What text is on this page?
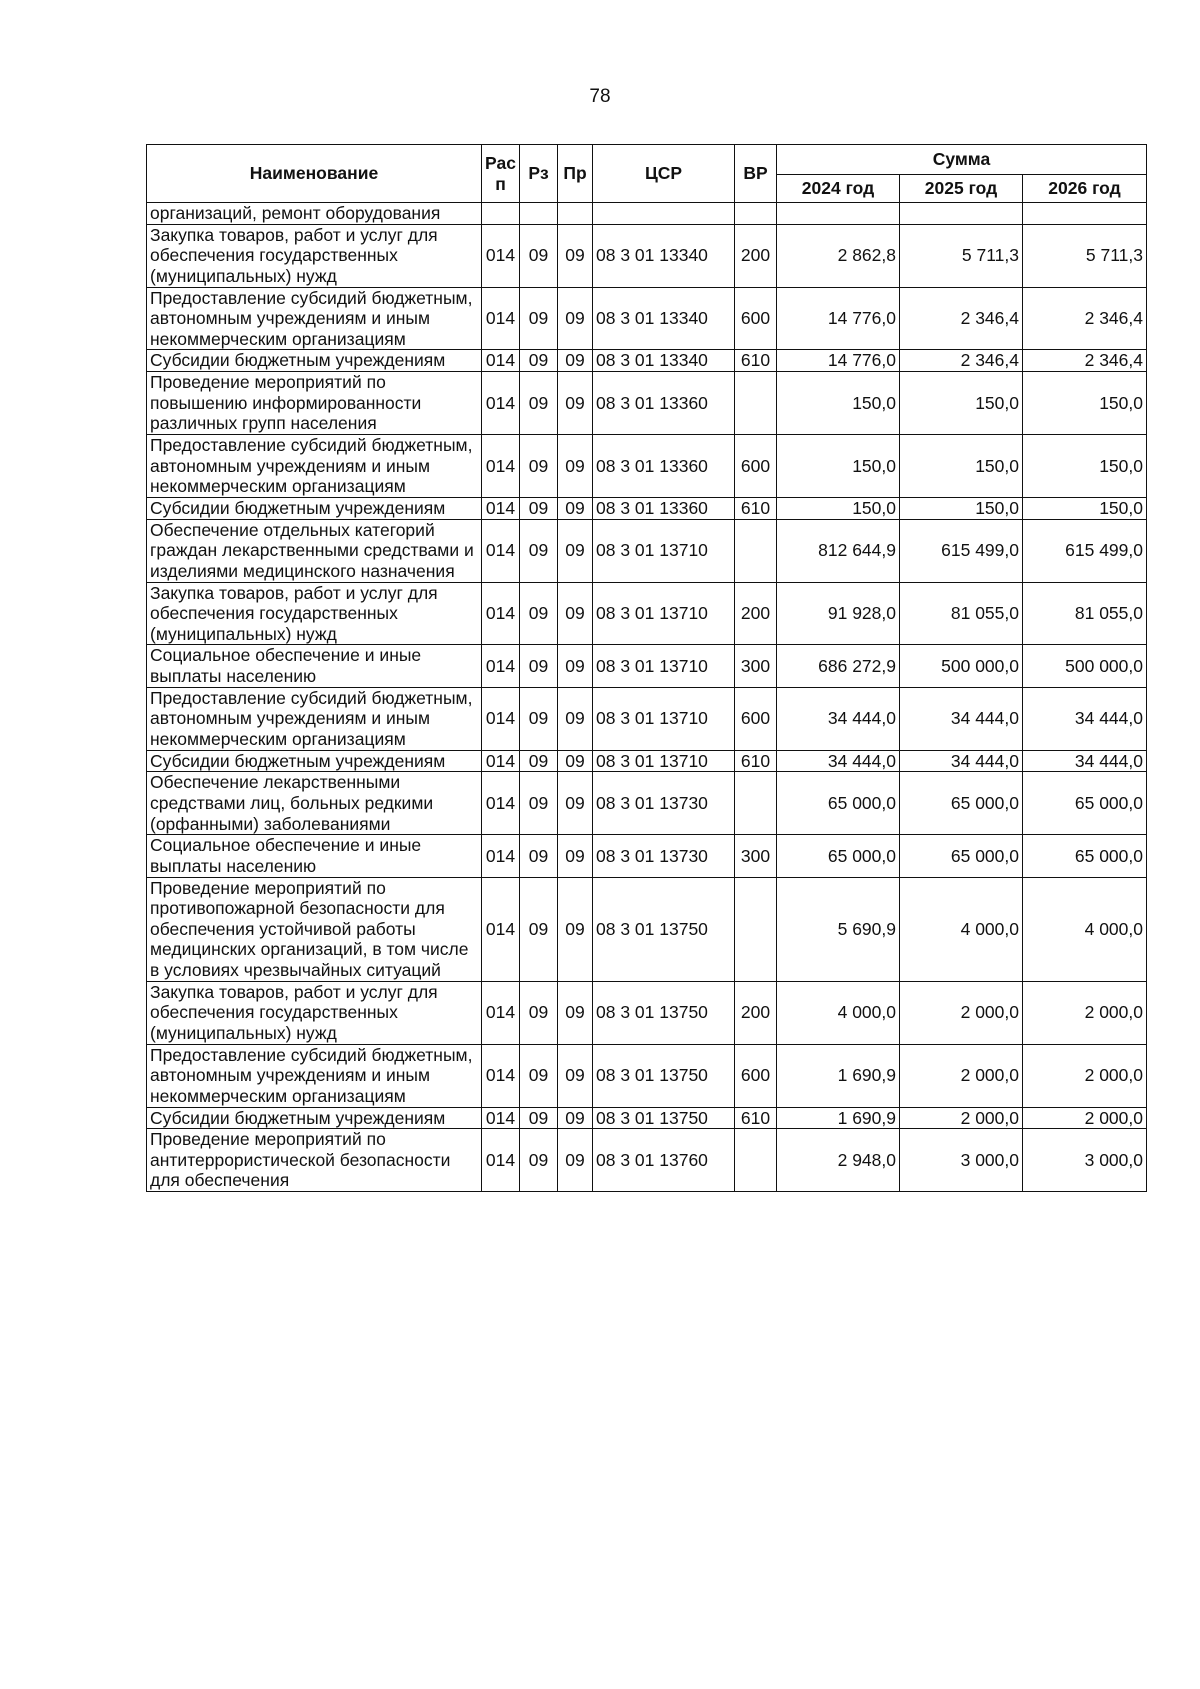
78
Наименование	Рас п	Рз	Пр	ЦСР	ВР	Сумма		
						2024 год	2025 год	2026 год
организаций, ремонт оборудования								
Закупка товаров, работ и услуг для обеспечения государственных (муниципальных) нужд	014	09	09	08 3 01 13340	200	2 862,8	5 711,3	5 711,3
Предоставление субсидий бюджетным, автономным учреждениям и иным некоммерческим организациям	014	09	09	08 3 01 13340	600	14 776,0	2 346,4	2 346,4
Субсидии бюджетным учреждениям	014	09	09	08 3 01 13340	610	14 776,0	2 346,4	2 346,4
Проведение мероприятий по повышению информированности различных групп населения	014	09	09	08 3 01 13360		150,0	150,0	150,0
Предоставление субсидий бюджетным, автономным учреждениям и иным некоммерческим организациям	014	09	09	08 3 01 13360	600	150,0	150,0	150,0
Субсидии бюджетным учреждениям	014	09	09	08 3 01 13360	610	150,0	150,0	150,0
Обеспечение отдельных категорий граждан лекарственными средствами и изделиями медицинского назначения	014	09	09	08 3 01 13710		812 644,9	615 499,0	615 499,0
Закупка товаров, работ и услуг для обеспечения государственных (муниципальных) нужд	014	09	09	08 3 01 13710	200	91 928,0	81 055,0	81 055,0
Социальное обеспечение и иные выплаты населению	014	09	09	08 3 01 13710	300	686 272,9	500 000,0	500 000,0
Предоставление субсидий бюджетным, автономным учреждениям и иным некоммерческим организациям	014	09	09	08 3 01 13710	600	34 444,0	34 444,0	34 444,0
Субсидии бюджетным учреждениям	014	09	09	08 3 01 13710	610	34 444,0	34 444,0	34 444,0
Обеспечение лекарственными средствами лиц, больных редкими (орфанными) заболеваниями	014	09	09	08 3 01 13730		65 000,0	65 000,0	65 000,0
Социальное обеспечение и иные выплаты населению	014	09	09	08 3 01 13730	300	65 000,0	65 000,0	65 000,0
Проведение мероприятий по противопожарной безопасности для обеспечения устойчивой работы медицинских организаций, в том числе в условиях чрезвычайных ситуаций	014	09	09	08 3 01 13750		5 690,9	4 000,0	4 000,0
Закупка товаров, работ и услуг для обеспечения государственных (муниципальных) нужд	014	09	09	08 3 01 13750	200	4 000,0	2 000,0	2 000,0
Предоставление субсидий бюджетным, автономным учреждениям и иным некоммерческим организациям	014	09	09	08 3 01 13750	600	1 690,9	2 000,0	2 000,0
Субсидии бюджетным учреждениям	014	09	09	08 3 01 13750	610	1 690,9	2 000,0	2 000,0
Проведение мероприятий по антитеррористической безопасности для обеспечения	014	09	09	08 3 01 13760		2 948,0	3 000,0	3 000,0
